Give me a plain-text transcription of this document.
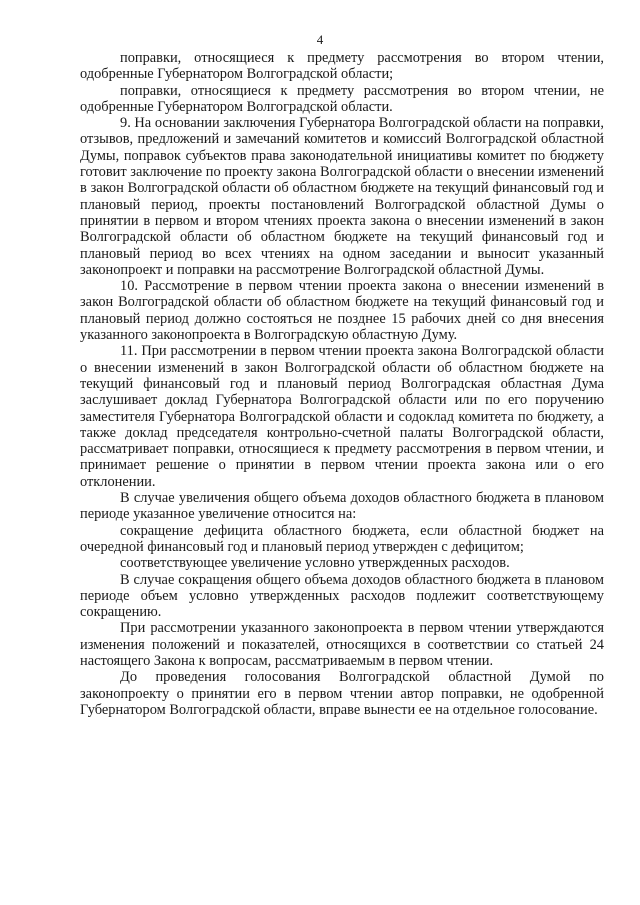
4

поправки, относящиеся к предмету рассмотрения во втором чтении, одобренные Губернатором Волгоградской области;

поправки, относящиеся к предмету рассмотрения во втором чтении, не одобренные Губернатором Волгоградской области.

9. На основании заключения Губернатора Волгоградской области на поправки, отзывов, предложений и замечаний комитетов и комиссий Волгоградской областной Думы, поправок субъектов права законодательной инициативы комитет по бюджету готовит заключение по проекту закона Волгоградской области о внесении изменений в закон Волгоградской области об областном бюджете на текущий финансовый год и плановый период, проекты постановлений Волгоградской областной Думы о принятии в первом и втором чтениях проекта закона о внесении изменений в закон Волгоградской области об областном бюджете на текущий финансовый год и плановый период во всех чтениях на одном заседании и выносит указанный законопроект и поправки на рассмотрение Волгоградской областной Думы.

10. Рассмотрение в первом чтении проекта закона о внесении изменений в закон Волгоградской области об областном бюджете на текущий финансовый год и плановый период должно состояться не позднее 15 рабочих дней со дня внесения указанного законопроекта в Волгоградскую областную Думу.

11. При рассмотрении в первом чтении проекта закона Волгоградской области о внесении изменений в закон Волгоградской области об областном бюджете на текущий финансовый год и плановый период Волгоградская областная Дума заслушивает доклад Губернатора Волгоградской области или по его поручению заместителя Губернатора Волгоградской области и содоклад комитета по бюджету, а также доклад председателя контрольно-счетной палаты Волгоградской области, рассматривает поправки, относящиеся к предмету рассмотрения в первом чтении, и принимает решение о принятии в первом чтении проекта закона или о его отклонении.

В случае увеличения общего объема доходов областного бюджета в плановом периоде указанное увеличение относится на:

сокращение дефицита областного бюджета, если областной бюджет на очередной финансовый год и плановый период утвержден с дефицитом;

соответствующее увеличение условно утвержденных расходов.

В случае сокращения общего объема доходов областного бюджета в плановом периоде объем условно утвержденных расходов подлежит соответствующему сокращению.

При рассмотрении указанного законопроекта в первом чтении утверждаются изменения положений и показателей, относящихся в соответствии со статьей 24 настоящего Закона к вопросам, рассматриваемым в первом чтении.

До проведения голосования Волгоградской областной Думой по законопроекту о принятии его в первом чтении автор поправки, не одобренной Губернатором Волгоградской области, вправе вынести ее на отдельное голосование.
